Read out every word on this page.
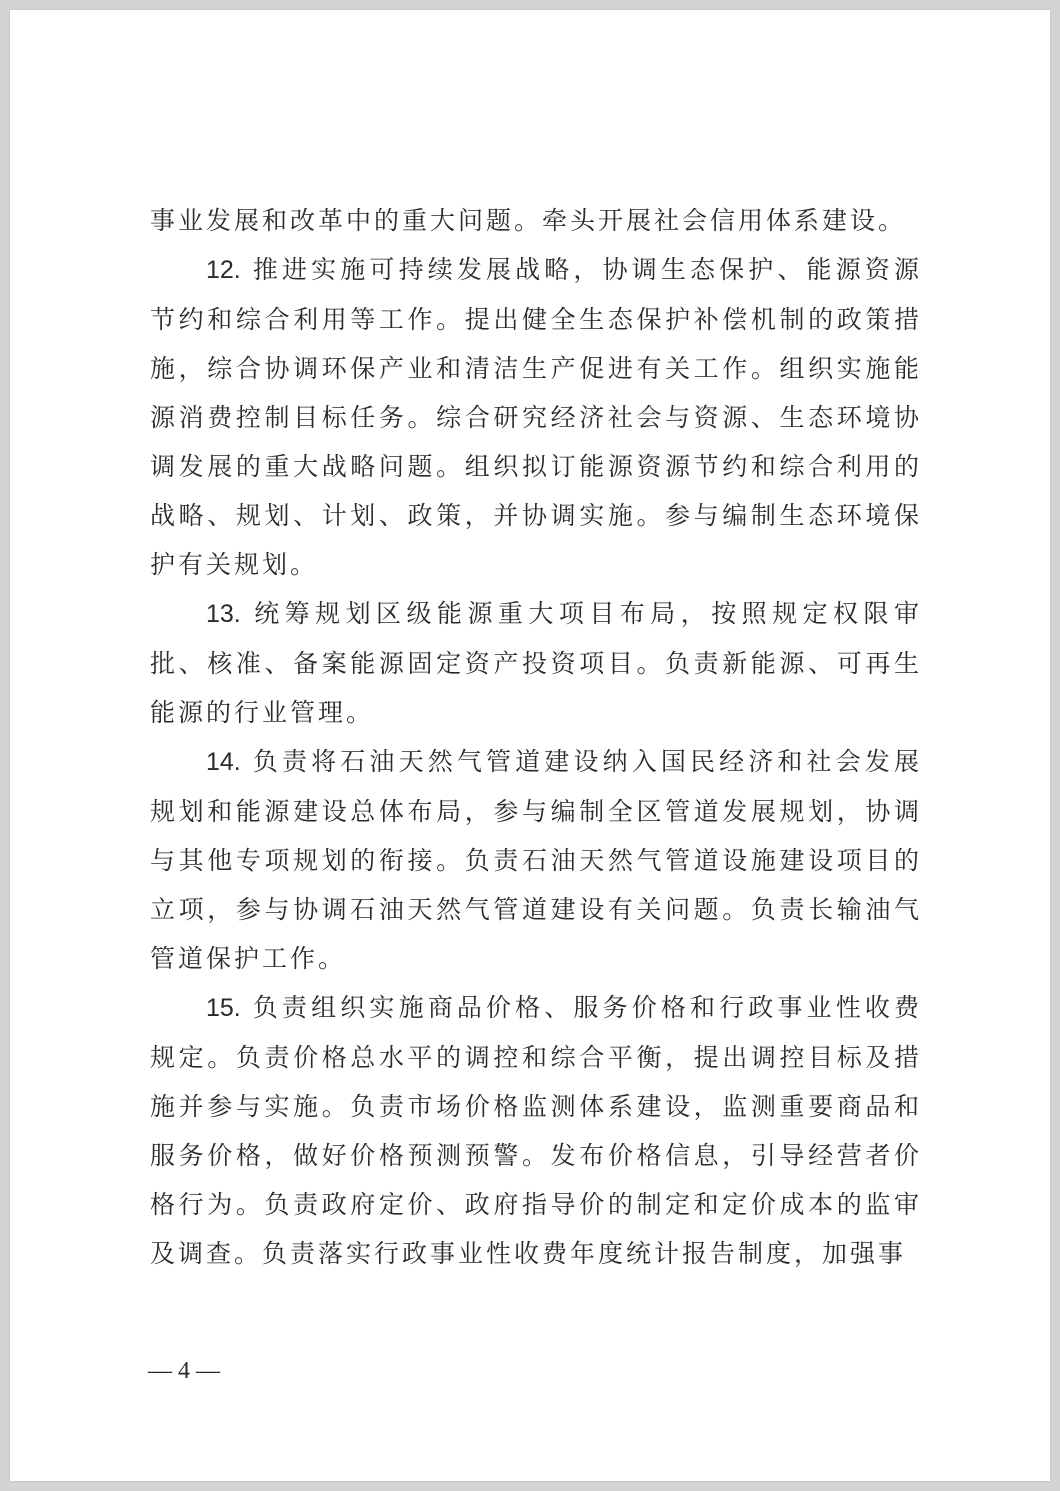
事业发展和改革中的重大问题。牵头开展社会信用体系建设。

12. 推进实施可持续发展战略，协调生态保护、能源资源节约和综合利用等工作。提出健全生态保护补偿机制的政策措施，综合协调环保产业和清洁生产促进有关工作。组织实施能源消费控制目标任务。综合研究经济社会与资源、生态环境协调发展的重大战略问题。组织拟订能源资源节约和综合利用的战略、规划、计划、政策，并协调实施。参与编制生态环境保护有关规划。

13. 统筹规划区级能源重大项目布局，按照规定权限审批、核准、备案能源固定资产投资项目。负责新能源、可再生能源的行业管理。

14. 负责将石油天然气管道建设纳入国民经济和社会发展规划和能源建设总体布局，参与编制全区管道发展规划，协调与其他专项规划的衔接。负责石油天然气管道设施建设项目的立项，参与协调石油天然气管道建设有关问题。负责长输油气管道保护工作。

15. 负责组织实施商品价格、服务价格和行政事业性收费规定。负责价格总水平的调控和综合平衡，提出调控目标及措施并参与实施。负责市场价格监测体系建设，监测重要商品和服务价格，做好价格预测预警。发布价格信息，引导经营者价格行为。负责政府定价、政府指导价的制定和定价成本的监审及调查。负责落实行政事业性收费年度统计报告制度，加强事

— 4 —
